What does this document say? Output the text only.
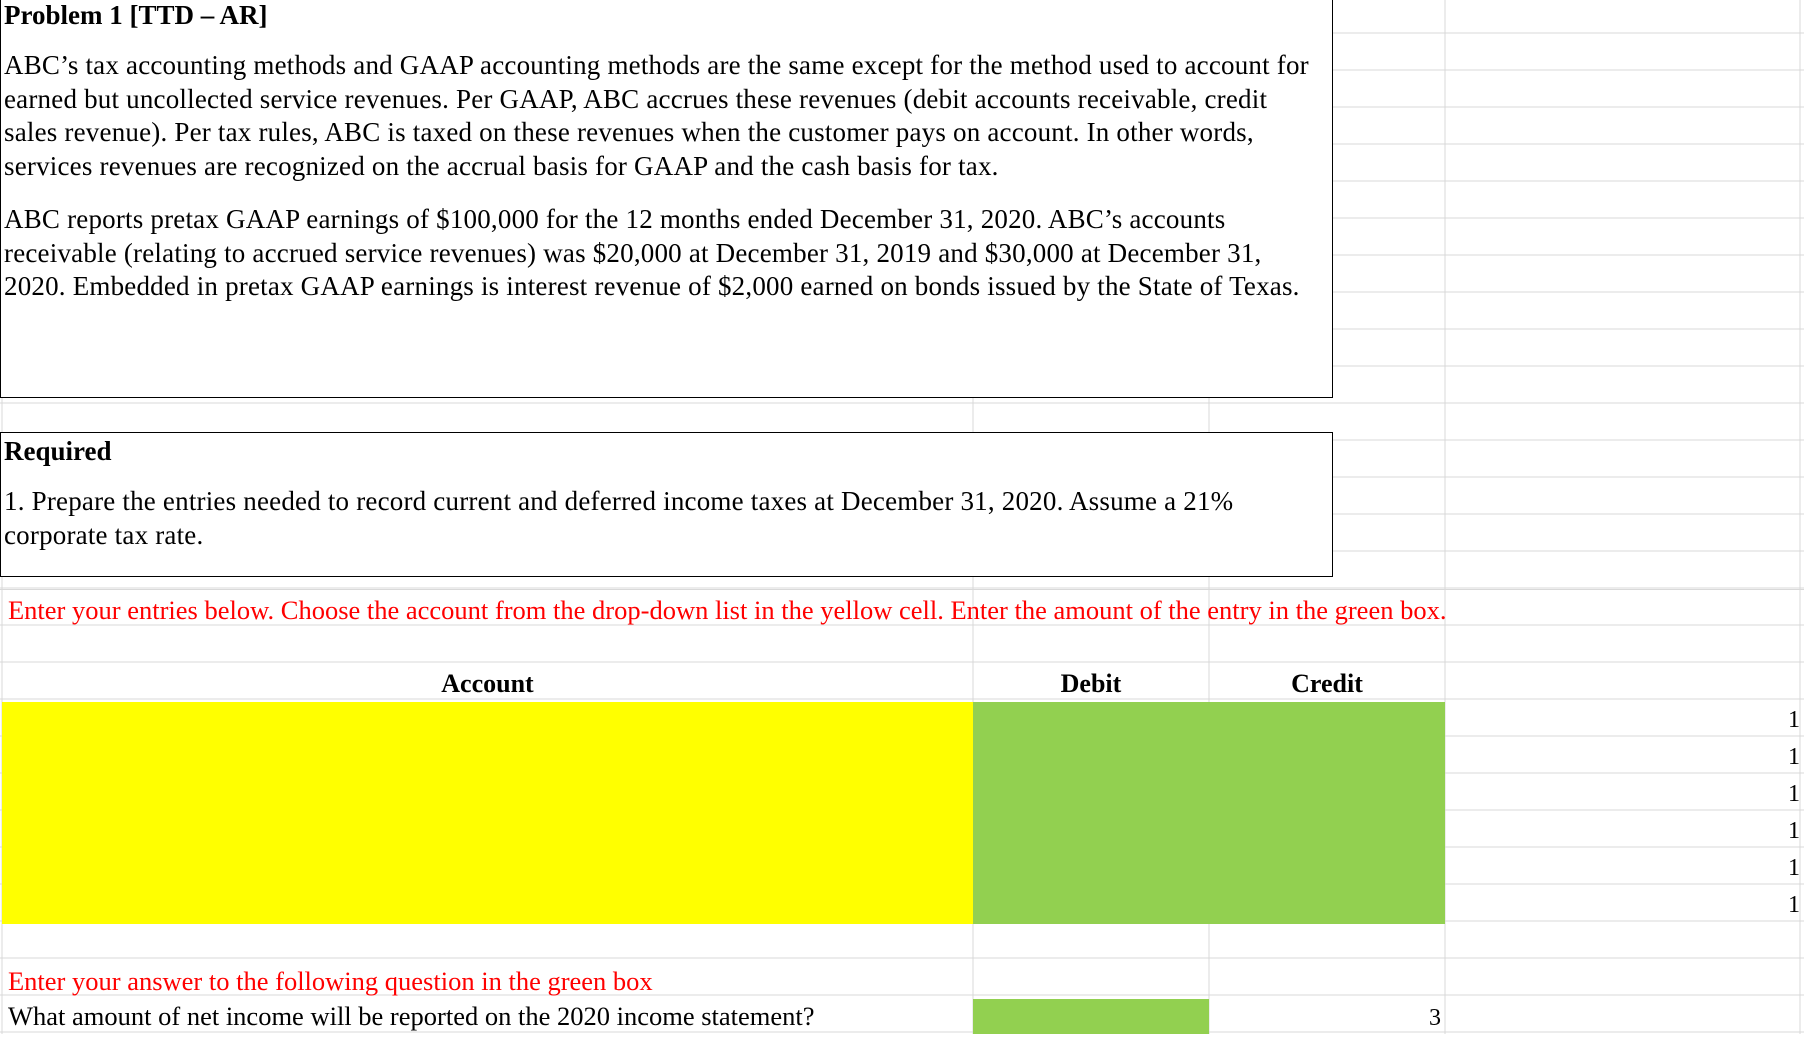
Problem 1 [TTD – AR]

ABC’s tax accounting methods and GAAP accounting methods are the same except for the method used to account for earned but uncollected service revenues. Per GAAP, ABC accrues these revenues (debit accounts receivable, credit sales revenue). Per tax rules, ABC is taxed on these revenues when the customer pays on account. In other words, services revenues are recognized on the accrual basis for GAAP and the cash basis for tax.

ABC reports pretax GAAP earnings of $100,000 for the 12 months ended December 31, 2020. ABC’s accounts receivable (relating to accrued service revenues) was $20,000 at December 31, 2019 and $30,000 at December 31, 2020. Embedded in pretax GAAP earnings is interest revenue of $2,000 earned on bonds issued by the State of Texas.

Required

1. Prepare the entries needed to record current and deferred income taxes at December 31, 2020. Assume a 21% corporate tax rate.

Enter your entries below. Choose the account from the drop-down list in the yellow cell. Enter the amount of the entry in the green box.
Account	Debit	Credit
1
1
1
1
1
1
Enter your answer to the following question in the green box
What amount of net income will be reported on the 2020 income statement?	3
